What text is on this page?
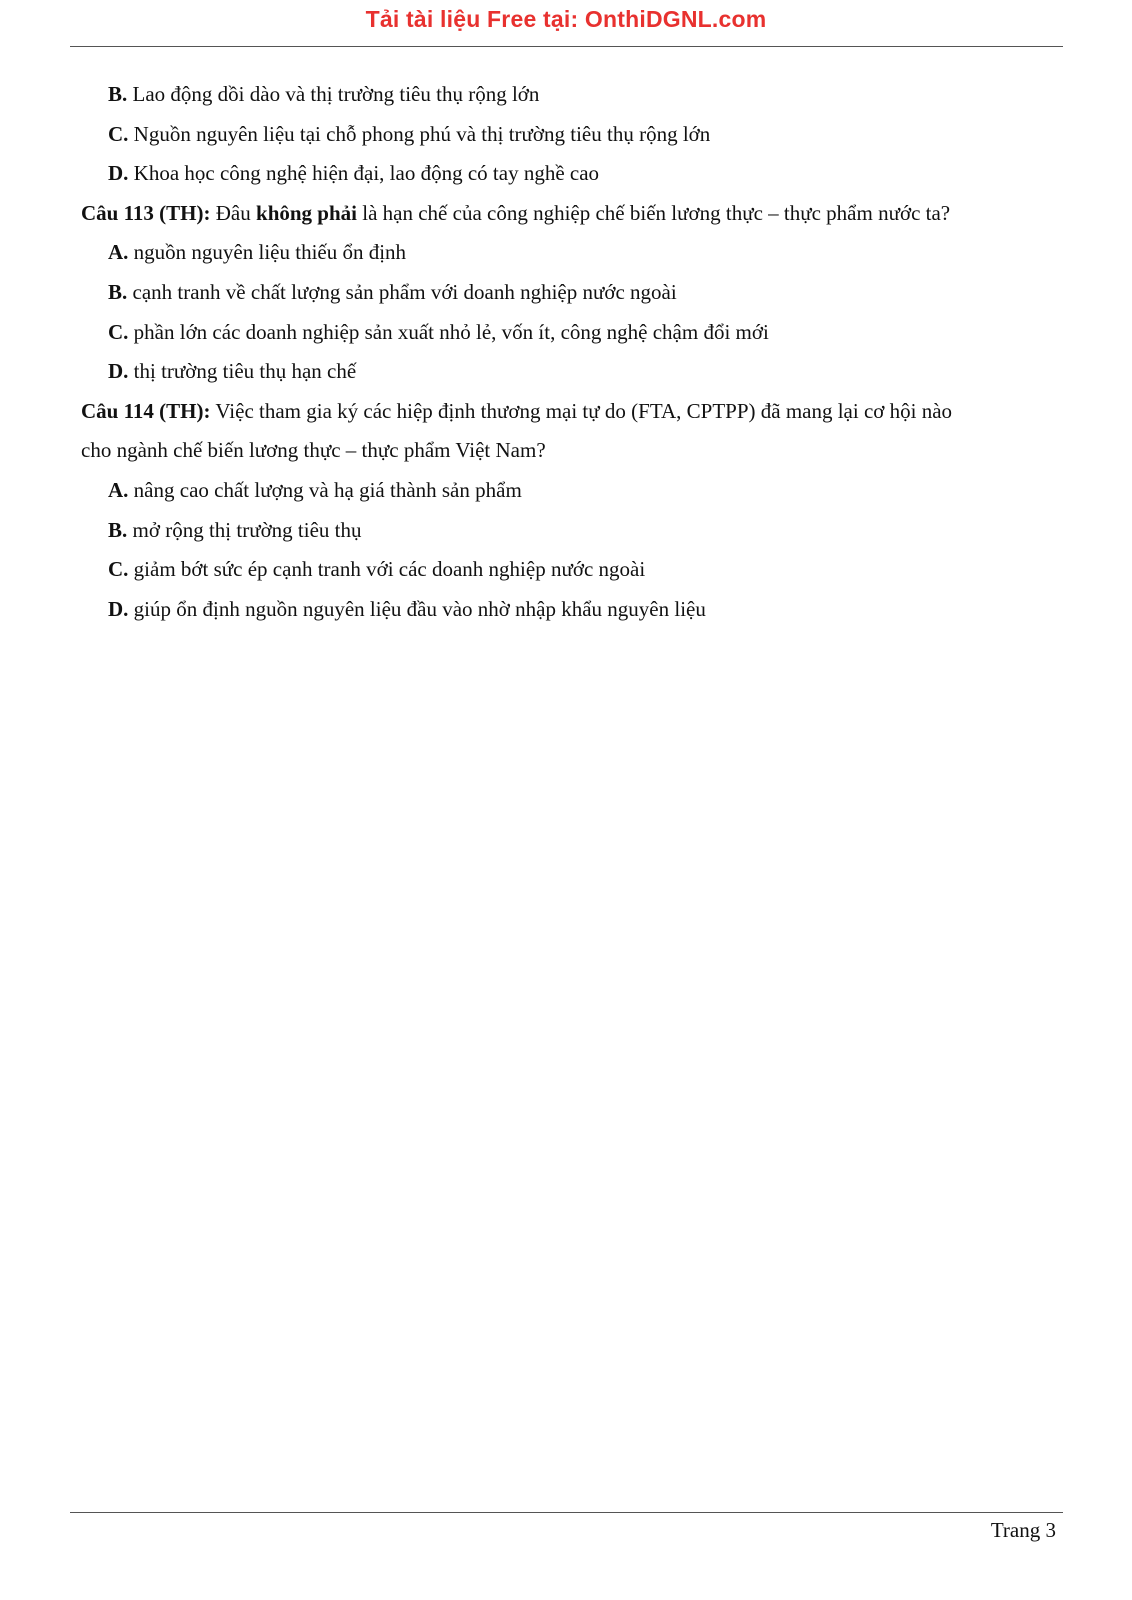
Tải tài liệu Free tại: OnthiDGNL.com
B. Lao động dồi dào và thị trường tiêu thụ rộng lớn
C. Nguồn nguyên liệu tại chỗ phong phú và thị trường tiêu thụ rộng lớn
D. Khoa học công nghệ hiện đại, lao động có tay nghề cao
Câu 113 (TH): Đâu không phải là hạn chế của công nghiệp chế biến lương thực – thực phẩm nước ta?
A. nguồn nguyên liệu thiếu ổn định
B. cạnh tranh về chất lượng sản phẩm với doanh nghiệp nước ngoài
C. phần lớn các doanh nghiệp sản xuất nhỏ lẻ, vốn ít, công nghệ chậm đổi mới
D. thị trường tiêu thụ hạn chế
Câu 114 (TH): Việc tham gia ký các hiệp định thương mại tự do (FTA, CPTPP) đã mang lại cơ hội nào
cho ngành chế biến lương thực – thực phẩm Việt Nam?
A. nâng cao chất lượng và hạ giá thành sản phẩm
B. mở rộng thị trường tiêu thụ
C. giảm bớt sức ép cạnh tranh với các doanh nghiệp nước ngoài
D. giúp ổn định nguồn nguyên liệu đầu vào nhờ nhập khẩu nguyên liệu
Trang 3
